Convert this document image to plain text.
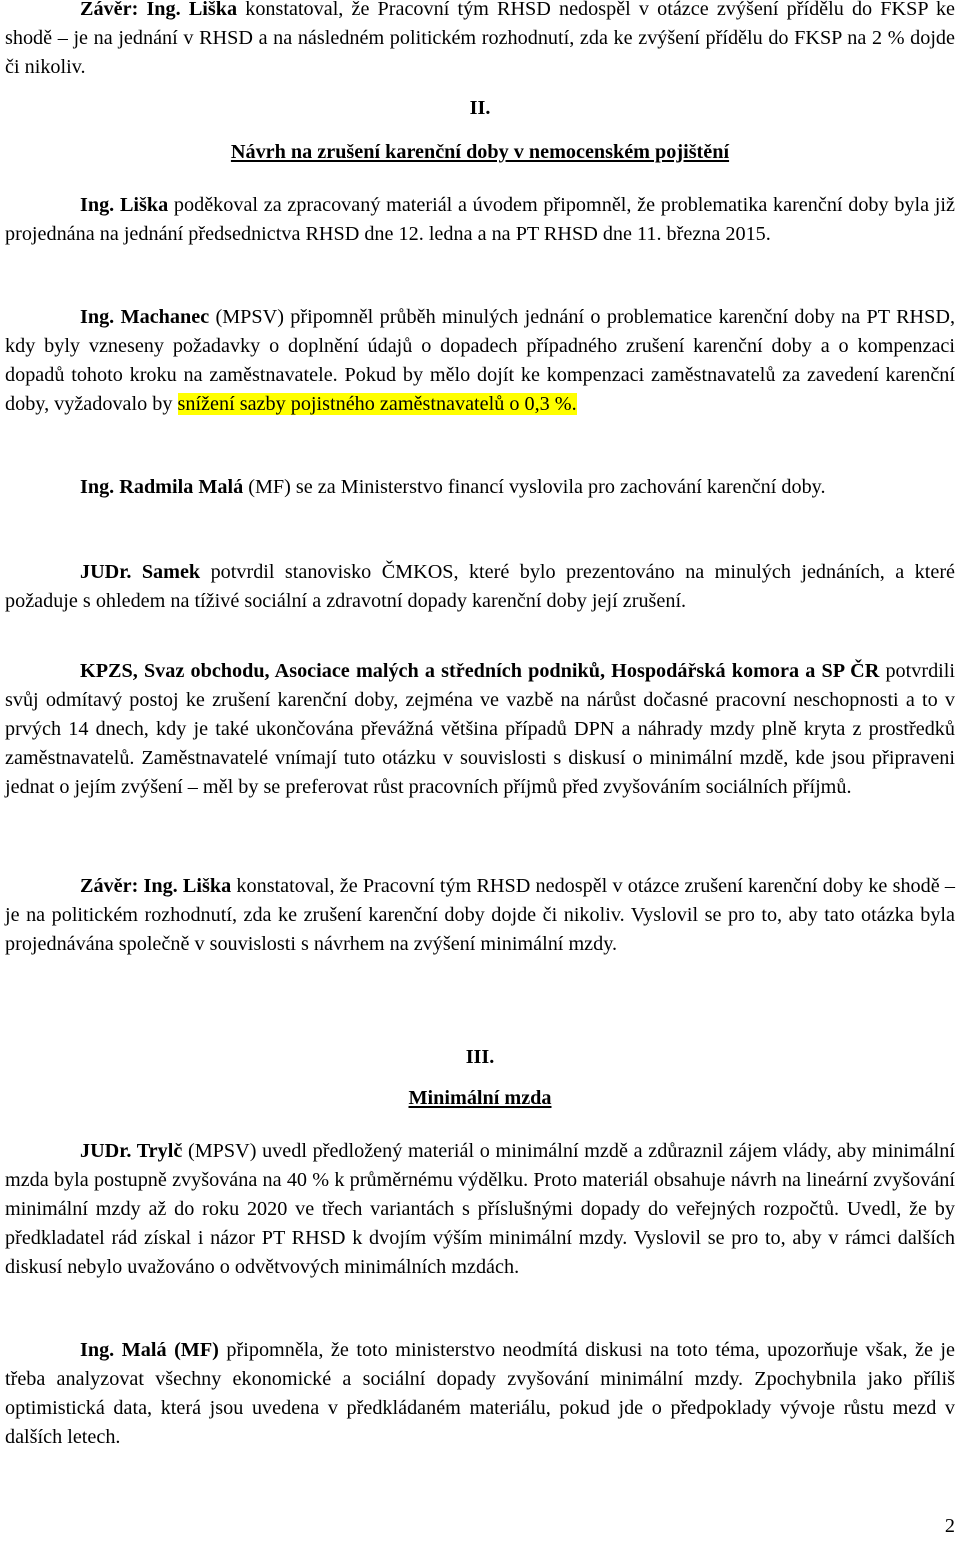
Závěr: Ing. Liška konstatoval, že Pracovní tým RHSD nedospěl v otázce zvýšení přídělu do FKSP ke shodě – je na jednání v RHSD a na následném politickém rozhodnutí, zda ke zvýšení přídělu do FKSP na 2 % dojde či nikoliv.

II.
Návrh na zrušení karenční doby v nemocenském pojištění

Ing. Liška poděkoval za zpracovaný materiál a úvodem připomněl, že problematika karenční doby byla již projednána na jednání předsednictva RHSD dne 12. ledna a na PT RHSD dne 11. března 2015.

Ing. Machanec (MPSV) připomněl průběh minulých jednání o problematice karenční doby na PT RHSD, kdy byly vzneseny požadavky o doplnění údajů o dopadech případného zrušení karenční doby a o kompenzaci dopadů tohoto kroku na zaměstnavatele. Pokud by mělo dojít ke kompenzaci zaměstnavatelů za zavedení karenční doby, vyžadovalo by snížení sazby pojistného zaměstnavatelů o 0,3 %.

Ing. Radmila Malá (MF) se za Ministerstvo financí vyslovila pro zachování karenční doby.

JUDr. Samek potvrdil stanovisko ČMKOS, které bylo prezentováno na minulých jednáních, a které požaduje s ohledem na tíživé sociální a zdravotní dopady karenční doby její zrušení.

KPZS, Svaz obchodu, Asociace malých a středních podniků, Hospodářská komora a SP ČR potvrdili svůj odmítavý postoj ke zrušení karenční doby, zejména ve vazbě na nárůst dočasné pracovní neschopnosti a to v prvých 14 dnech, kdy je také ukončována převážná většina případů DPN a náhrady mzdy plně kryta z prostředků zaměstnavatelů. Zaměstnavatelé vnímají tuto otázku v souvislosti s diskusí o minimální mzdě, kde jsou připraveni jednat o jejím zvýšení – měl by se preferovat růst pracovních příjmů před zvyšováním sociálních příjmů.

Závěr: Ing. Liška konstatoval, že Pracovní tým RHSD nedospěl v otázce zrušení karenční doby ke shodě – je na politickém rozhodnutí, zda ke zrušení karenční doby dojde či nikoliv. Vyslovil se pro to, aby tato otázka byla projednávána společně v souvislosti s návrhem na zvýšení minimální mzdy.

III.
Minimální mzda

JUDr. Trylč (MPSV) uvedl předložený materiál o minimální mzdě a zdůraznil zájem vlády, aby minimální mzda byla postupně zvyšována na 40 % k průměrnému výdělku. Proto materiál obsahuje návrh na lineární zvyšování minimální mzdy až do roku 2020 ve třech variantách s příslušnými dopady do veřejných rozpočtů. Uvedl, že by předkladatel rád získal i názor PT RHSD k dvojím výším minimální mzdy. Vyslovil se pro to, aby v rámci dalších diskusí nebylo uvažováno o odvětvových minimálních mzdách.

Ing. Malá (MF) připomněla, že toto ministerstvo neodmítá diskusi na toto téma, upozorňuje však, že je třeba analyzovat všechny ekonomické a sociální dopady zvyšování minimální mzdy. Zpochybnila jako příliš optimistická data, která jsou uvedena v předkládaném materiálu, pokud jde o předpoklady vývoje růstu mezd v dalších letech.

2
